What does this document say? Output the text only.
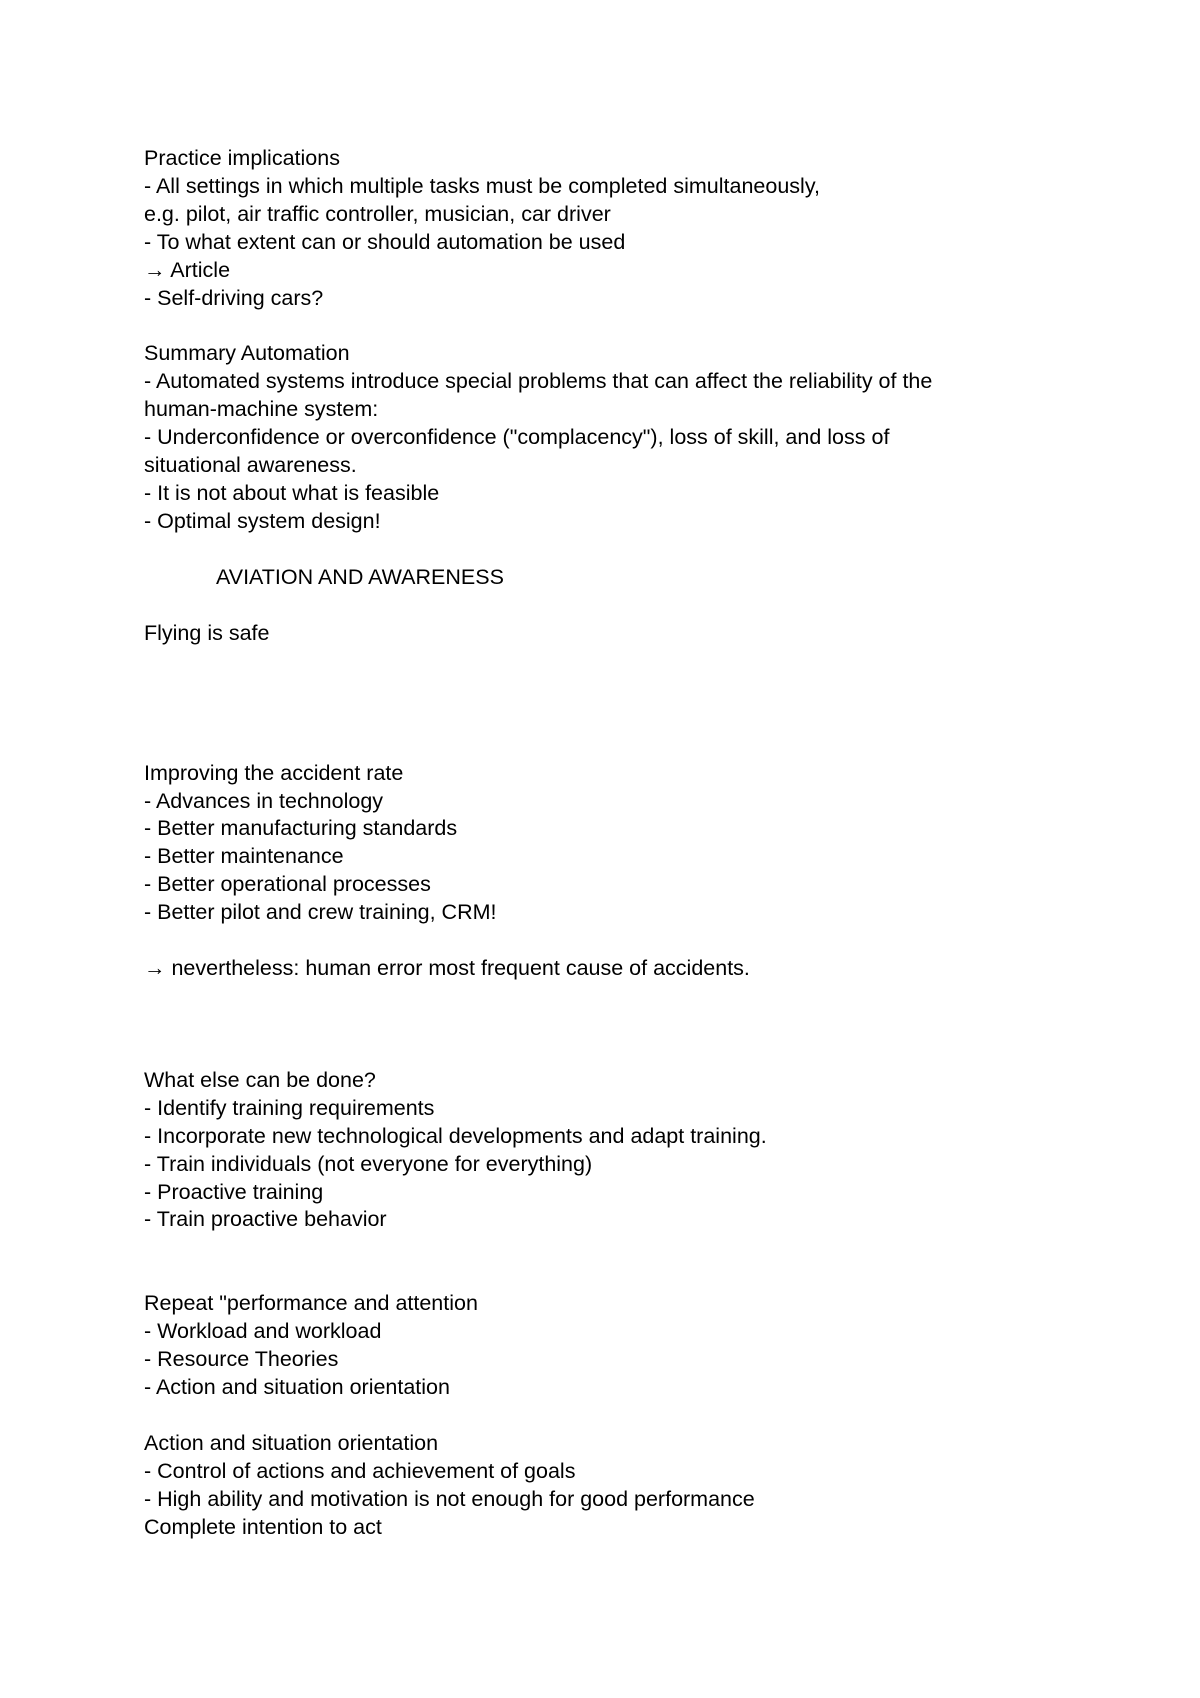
Practice implications
- All settings in which multiple tasks must be completed simultaneously,
e.g. pilot, air traffic controller, musician, car driver
- To what extent can or should automation be used
→ Article
- Self-driving cars?
Summary Automation
- Automated systems introduce special problems that can affect the reliability of the
human-machine system:
- Underconfidence or overconfidence ("complacency"), loss of skill, and loss of
situational awareness.
- It is not about what is feasible
- Optimal system design!
AVIATION AND AWARENESS
Flying is safe
Improving the accident rate
- Advances in technology
- Better manufacturing standards
- Better maintenance
- Better operational processes
- Better pilot and crew training, CRM!
→ nevertheless: human error most frequent cause of accidents.
What else can be done?
- Identify training requirements
- Incorporate new technological developments and adapt training.
- Train individuals (not everyone for everything)
- Proactive training
- Train proactive behavior
Repeat "performance and attention
- Workload and workload
- Resource Theories
- Action and situation orientation
Action and situation orientation
- Control of actions and achievement of goals
- High ability and motivation is not enough for good performance
Complete intention to act
